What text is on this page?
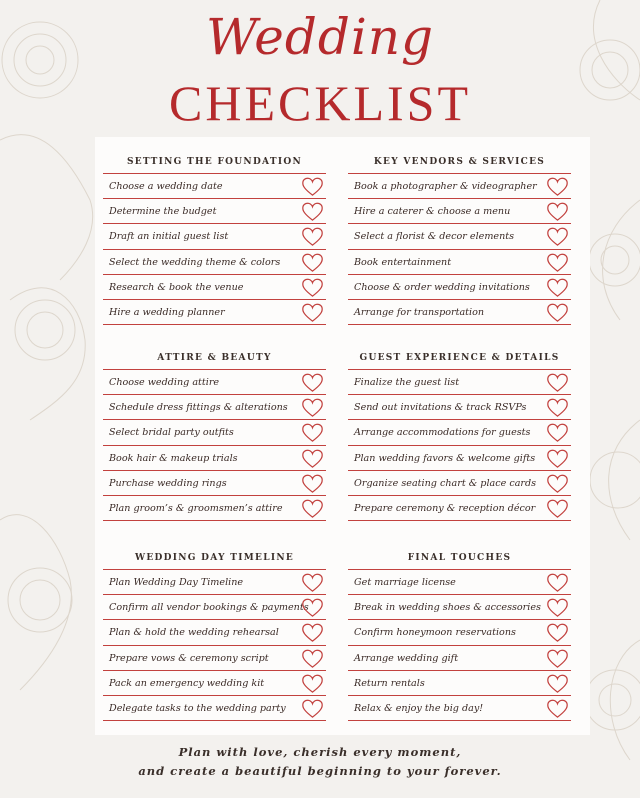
Wedding
CHECKLIST
SETTING THE FOUNDATION
Choose a wedding date
Determine the budget
Draft an initial guest list
Select the wedding theme & colors
Research & book the venue
Hire a wedding planner
KEY VENDORS & SERVICES
Book a photographer & videographer
Hire a caterer & choose a menu
Select a florist & decor elements
Book entertainment
Choose & order wedding invitations
Arrange for transportation
ATTIRE & BEAUTY
Choose wedding attire
Schedule dress fittings & alterations
Select bridal party outfits
Book hair & makeup trials
Purchase wedding rings
Plan groom’s & groomsmen’s attire
GUEST EXPERIENCE & DETAILS
Finalize the guest list
Send out invitations & track RSVPs
Arrange accommodations for guests
Plan wedding favors & welcome gifts
Organize seating chart & place cards
Prepare ceremony & reception décor
WEDDING DAY TIMELINE
Plan Wedding Day Timeline
Confirm all vendor bookings & payments
Plan & hold the wedding rehearsal
Prepare vows & ceremony script
Pack an emergency wedding kit
Delegate tasks to the wedding party
FINAL TOUCHES
Get marriage license
Break in wedding shoes & accessories
Confirm honeymoon reservations
Arrange wedding gift
Return rentals
Relax & enjoy the big day!
Plan with love, cherish every moment,
and create a beautiful beginning to your forever.
